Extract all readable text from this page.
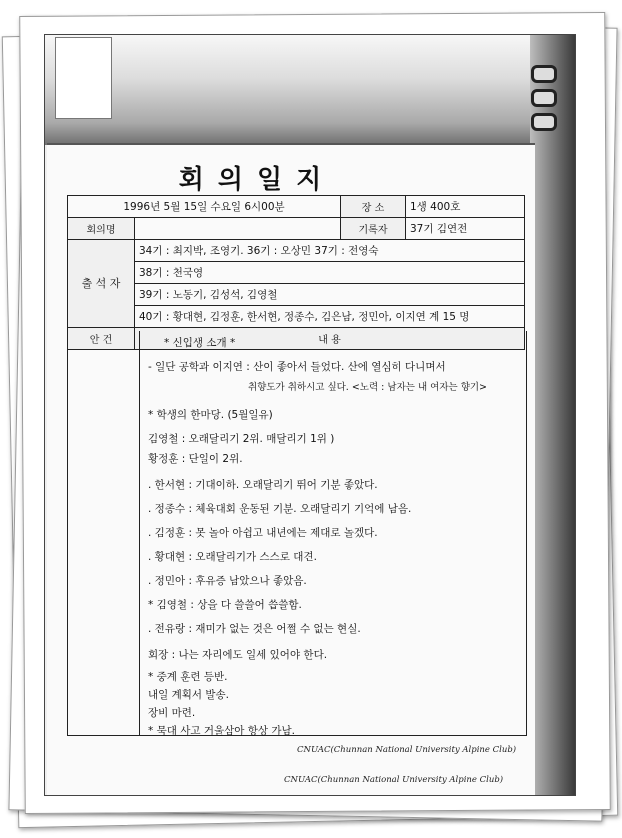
회의일지
1996년 5월 15일 수요일 6시00분		장 소	1생 400호
회의명		기록자	37기 김연전
출 석 자	34기 : 최지박, 조영기. 36기 : 오상민 37기 : 전영숙		
	38기 : 천국영		
	39기 : 노동기, 김성석, 김영철		
	40기 : 황대현, 김정훈, 한서현, 정종수, 김은남, 정민아, 이지연 계 15 명		
안 건	내 용		
* 신입생 소개 *
- 일단 공학과 이지연 : 산이 좋아서 들었다. 산에 열심히 다니며서
취향도가 취하시고 싶다. <노력 : 남자는 내 여자는 향기>
* 학생의 한마당. (5월일유)
김영철 : 오래달리기 2위. 매달리기 1위 )
황정훈 : 단일이 2위.
. 한서현 : 기대이하. 오래달리기 뛰어 기분 좋았다.
. 정종수 : 체육대회 운동된 기분. 오래달리기 기억에 남음.
. 김정훈 : 못 놀아 아쉽고 내년에는 제대로 놀겠다.
. 황대현 : 오래달리기가 스스로 대견.
. 정민아 : 후유증 남았으나 좋았음.
* 김영철 : 상을 다 쓸쓸어 씁쓸함.
. 전유랑 : 재미가 없는 것은 어쩔 수 없는 현실.
회장 : 나는 자리에도 일세 있어야 한다.
* 중계 훈련 등반.
내일 계획서 발송.
장비 마련.
* 묵대 사고 거울삼아 항상 가남.
CNUAC(Chunnan National University Alpine Club)
CNUAC(Chunnan National University Alpine Club)
